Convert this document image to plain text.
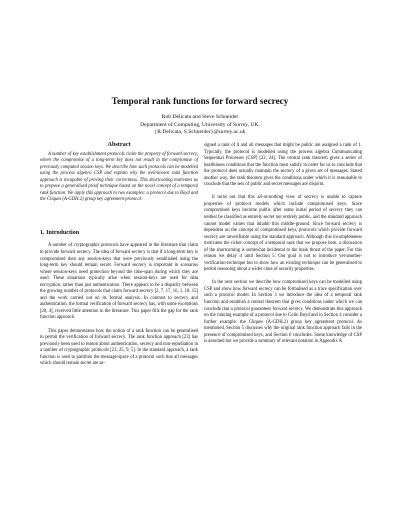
Temporal rank functions for forward secrecy
Rob Delicata and Steve Schneider
Department of Computing, University of Surrey, UK.
{R.Delicata, S.Schneider}@surrey.ac.uk
Abstract

A number of key establishment protocols claim the property of forward secrecy, where the compromise of a long-term key does not result in the compromise of previously computed session keys. We describe how such protocols can be modelled using the process algebra CSP and explain why the well-known rank function approach is incapable of proving their correctness. This shortcoming motivates us to propose a generalised proof technique based on the novel concept of a temporal rank function. We apply this approach to two examples: a protocol due to Boyd and the Cliques (A-GDH.2) group key agreement protocol.

1. Introduction

A number of cryptographic protocols have appeared in the literature that claim to provide forward secrecy. The idea of forward secrecy is that if a long-term key is compromised then any session-keys that were previously established using the long-term key should remain secret. Forward secrecy is important in scenarios where session-keys need protection beyond the time-span during which they are used. These situations typically arise when session-keys are used for data encryption, rather than just authentication. There appears to be a disparity between the growing number of protocols that claim forward secrecy [2, 7, 17, 16, 1, 18, 15] and the work carried out on its formal analysis. In contrast to secrecy and authentication, the formal verification of forward secrecy has, with some exceptions [20, 4], received little attention in the literature. This paper fills the gap for the rank function approach.

This paper demonstrates how the notion of a rank function can be generalised to permit the verification of forward secrecy. The rank function approach [23] has previously been used to reason about authentication, secrecy and non-repudiation in a number of cryptographic protocols [23, 25, 9, 5]. In the standard approach, a rank function is used to partition the message-space of a protocol such that all messages which should remain secret are as-

signed a rank of 0 and all messages that might be public are assigned a rank of 1. Typically, the protocol is modelled using the process algebra Communicating Sequential Processes (CSP) [22, 24]. The central rank theorem gives a series of healthiness conditions that the function must satisfy in order for us to conclude that the protocol does actually maintain the secrecy of a given set of messages. Stated another way, the rank theorem gives the conditions under which it is reasonable to conclude that the sets of public and secret messages are disjoint.

It turns out that this all-or-nothing view of secrecy is unable to capture properties of protocol models which include compromised keys. Since compromised keys become public after some initial period of secrecy they can neither be classified as entirely secret nor entirely public, and the standard approach cannot model values that inhabit this middle-ground. Since forward secrecy is dependent on the concept of compromised keys, protocols which provide forward secrecy are unverifiable using the standard approach. Although this incompleteness motivates the richer concept of a temporal rank that we propose here, a discussion of the shortcoming is somewhat incidental to the main thrust of the paper. For this reason we delay it until Section 5. Our goal is not to introduce yet-another-verification-technique but to show how an existing technique can be generalised to permit reasoning about a wider class of security properties.

In the next section we describe how compromised keys can be modelled using CSP and show how forward secrecy can be formalised as a trace specification over such a protocol model. In Section 3 we introduce the idea of a temporal rank function and establish a central theorem that gives conditions under which we can conclude that a protocol guarantees forward secrecy. We demonstrate this approach on the running example of a protocol due to Colin Boyd and in Section 4 consider a further example: the Cliques (A-GDH.2) group key agreement protocol. As mentioned, Section 5 discusses why the original rank function approach fails in the presence of compromised keys, and Section 6 concludes. Some knowledge of CSP is assumed but we provide a summary of relevant notation in Appendix A.
